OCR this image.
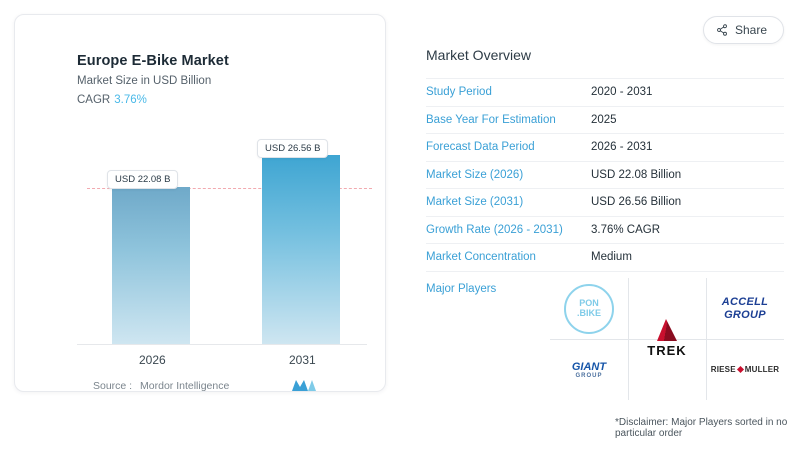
Europe E-Bike Market
Market Size in USD Billion
CAGR 3.76%
USD 22.08 B
USD 26.56 B
2026	2031
Source : Mordor Intelligence
Share
Market Overview
Study Period	2020 - 2031
Base Year For Estimation	2025
Forecast Data Period	2026 - 2031
Market Size (2026)	USD 22.08 Billion
Market Size (2031)	USD 26.56 Billion
Growth Rate (2026 - 2031)	3.76% CAGR
Market Concentration	Medium
Major Players
PON
.BIKE
ACCELL
GROUP
GIANT
GROUP
TREK
RIESE MULLER
*Disclaimer: Major Players sorted in no particular order
